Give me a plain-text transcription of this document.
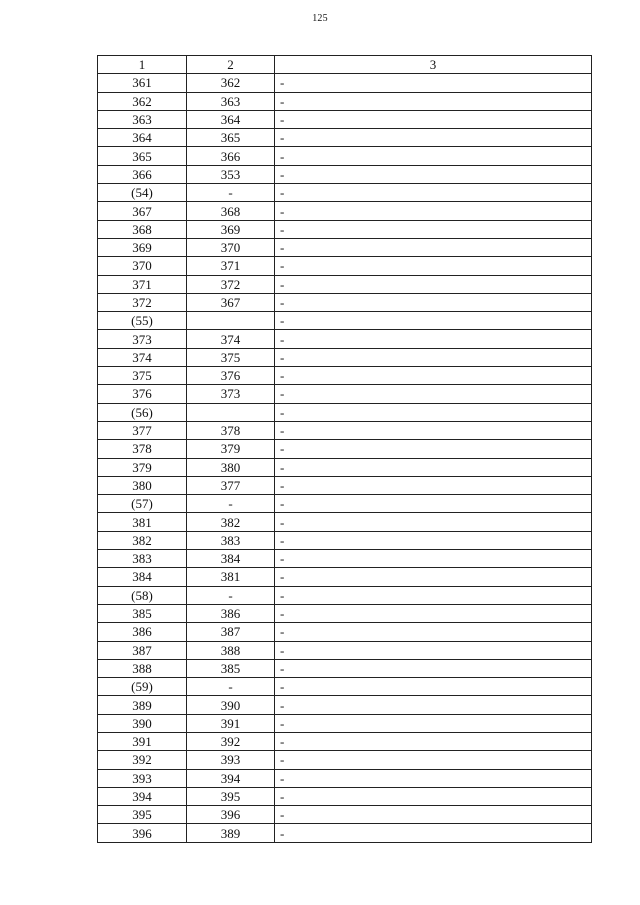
125
1	2	3
361	362	-
362	363	-
363	364	-
364	365	-
365	366	-
366	353	-
(54)	-	-
367	368	-
368	369	-
369	370	-
370	371	-
371	372	-
372	367	-
(55)		-
373	374	-
374	375	-
375	376	-
376	373	-
(56)		-
377	378	-
378	379	-
379	380	-
380	377	-
(57)	-	-
381	382	-
382	383	-
383	384	-
384	381	-
(58)	-	-
385	386	-
386	387	-
387	388	-
388	385	-
(59)	-	-
389	390	-
390	391	-
391	392	-
392	393	-
393	394	-
394	395	-
395	396	-
396	389	-
